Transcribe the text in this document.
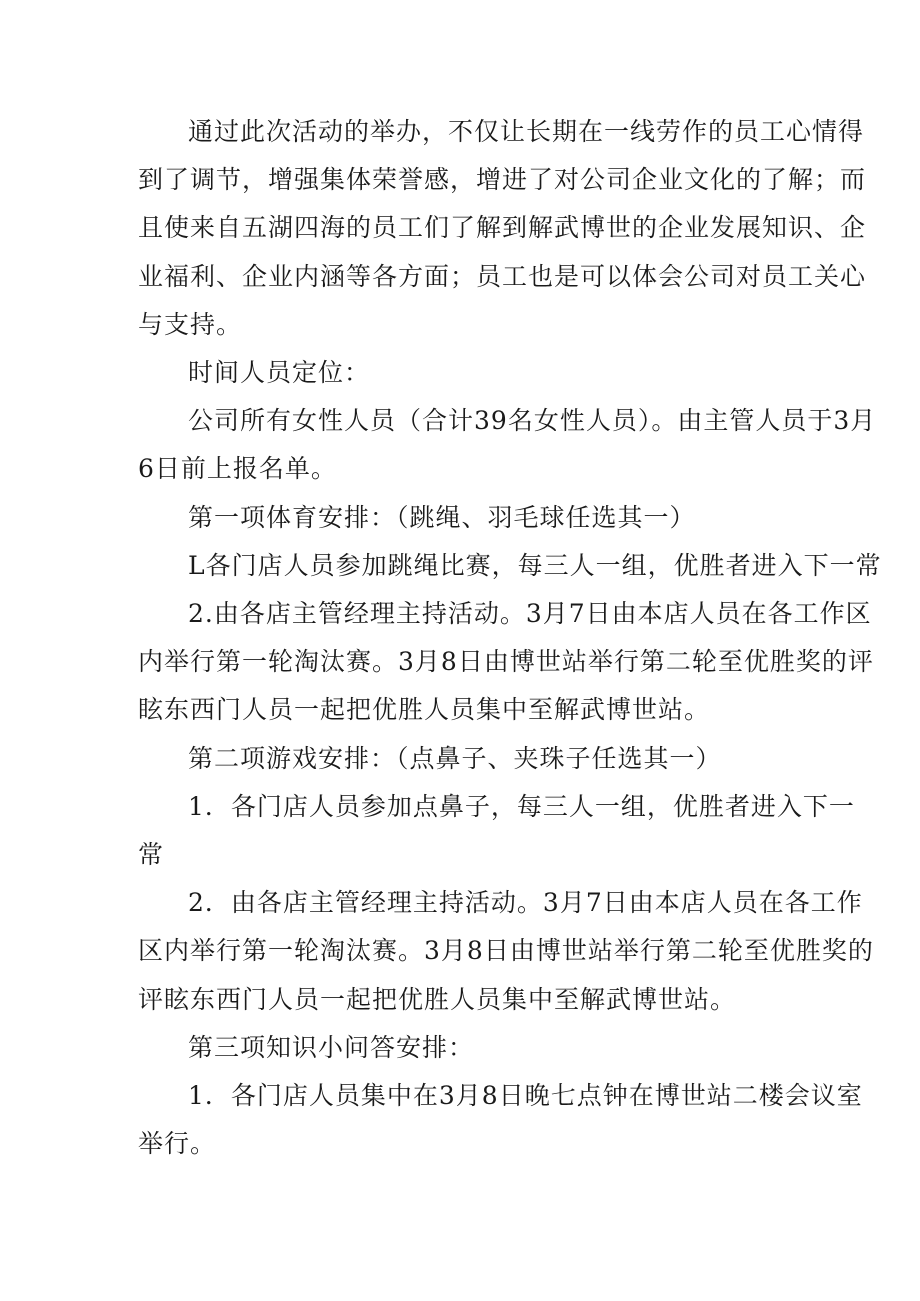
通过此次活动的举办，不仅让长期在一线劳作的员工心情得
到了调节，增强集体荣誉感，增进了对公司企业文化的了解；而
且使来自五湖四海的员工们了解到解武博世的企业发展知识、企
业福利、企业内涵等各方面；员工也是可以体会公司对员工关心
与支持。
时间人员定位：
公司所有女性人员（合计39名女性人员）。由主管人员于3月
6日前上报名单。
第一项体育安排：（跳绳、羽毛球任选其一）
L各门店人员参加跳绳比赛，每三人一组，优胜者进入下一常
2.由各店主管经理主持活动。3月7日由本店人员在各工作区
内举行第一轮淘汰赛。3月8日由博世站举行第二轮至优胜奖的评
眩东西门人员一起把优胜人员集中至解武博世站。
第二项游戏安排：（点鼻子、夹珠子任选其一）
1．各门店人员参加点鼻子，每三人一组，优胜者进入下一
常
2．由各店主管经理主持活动。3月7日由本店人员在各工作
区内举行第一轮淘汰赛。3月8日由博世站举行第二轮至优胜奖的
评眩东西门人员一起把优胜人员集中至解武博世站。
第三项知识小问答安排：
1．各门店人员集中在3月8日晚七点钟在博世站二楼会议室
举行。
